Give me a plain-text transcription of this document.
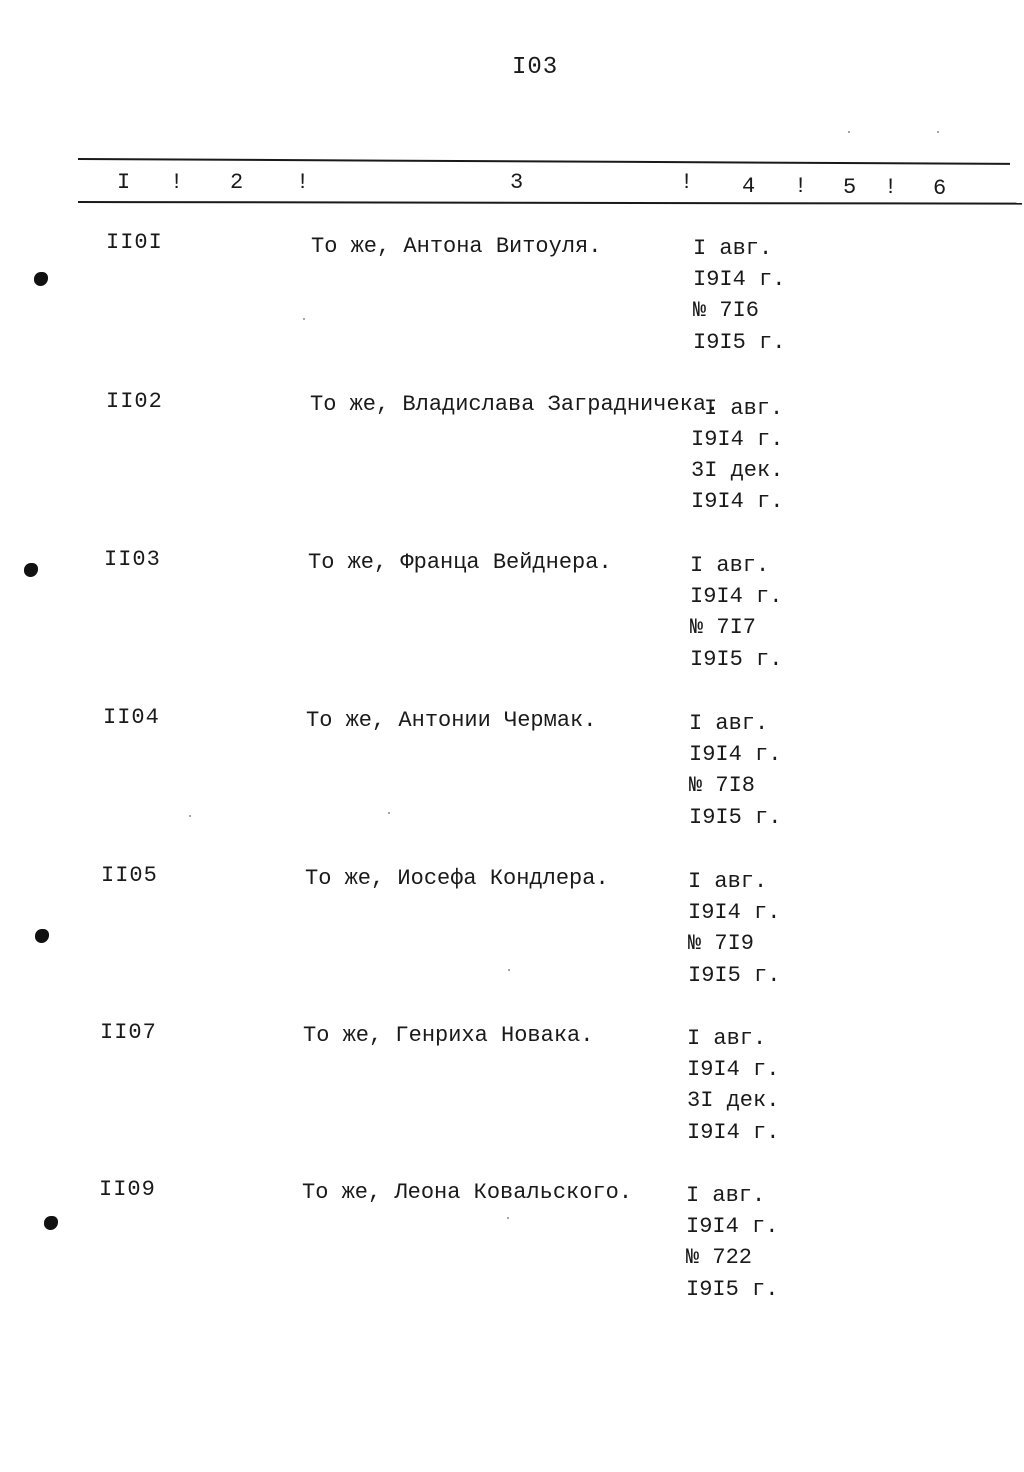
I03
I ! 2 !	3	! 4 ! 5 ! 6
II0I	То же, Антона Витоуля.	I авг.
I9I4 г.
№ 7I6
I9I5 г.
II02	То же, Владислава Заградничека.
I авг.
I9I4 г.
3I дек.
I9I4 г.
II03	То же, Франца Вейднера.	I авг.
I9I4 г.
№ 7I7
I9I5 г.
II04	То же, Антонии Чермак.	I авг.
I9I4 г.
№ 7I8
I9I5 г.
II05	То же, Иосефа Кондлера.	I авг.
I9I4 г.
№ 7I9
I9I5 г.
II07	То же, Генриха Новака.	I авг.
I9I4 г.
3I дек.
I9I4 г.
II09	То же, Леона Ковальского. I авг.
I9I4 г.
№ 722
I9I5 г.
